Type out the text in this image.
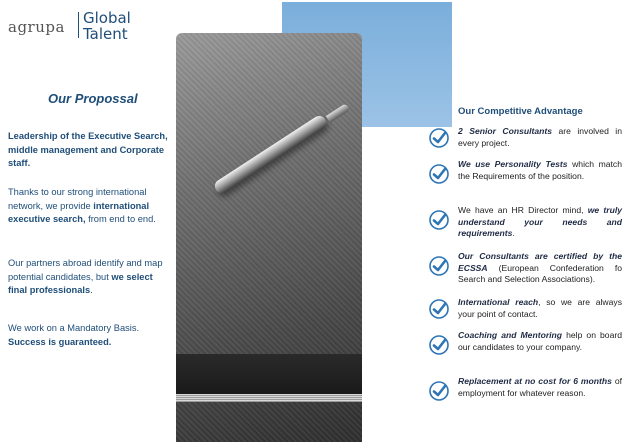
agrupa Global
Talent
Our Propossal
Leadership of the Executive Search, middle management and Corporate staff.
Thanks to our strong international network, we provide international executive search, from end to end.
Our partners abroad identify and map potential candidates, but we select final professionals.
We work on a Mandatory Basis. Success is guaranteed.
Our Competitive Advantage
2 Senior Consultants are involved in every project.
We use Personality Tests which match the Requirements of the position.
We have an HR Director mind, we truly understand your needs and requirements.
Our Consultants are certified by the ECSSA (European Confederation fo Search and Selection Associations).
International reach, so we are always your point of contact.
Coaching and Mentoring help on board our candidates to your company.
Replacement at no cost for 6 months of employment for whatever reason.
